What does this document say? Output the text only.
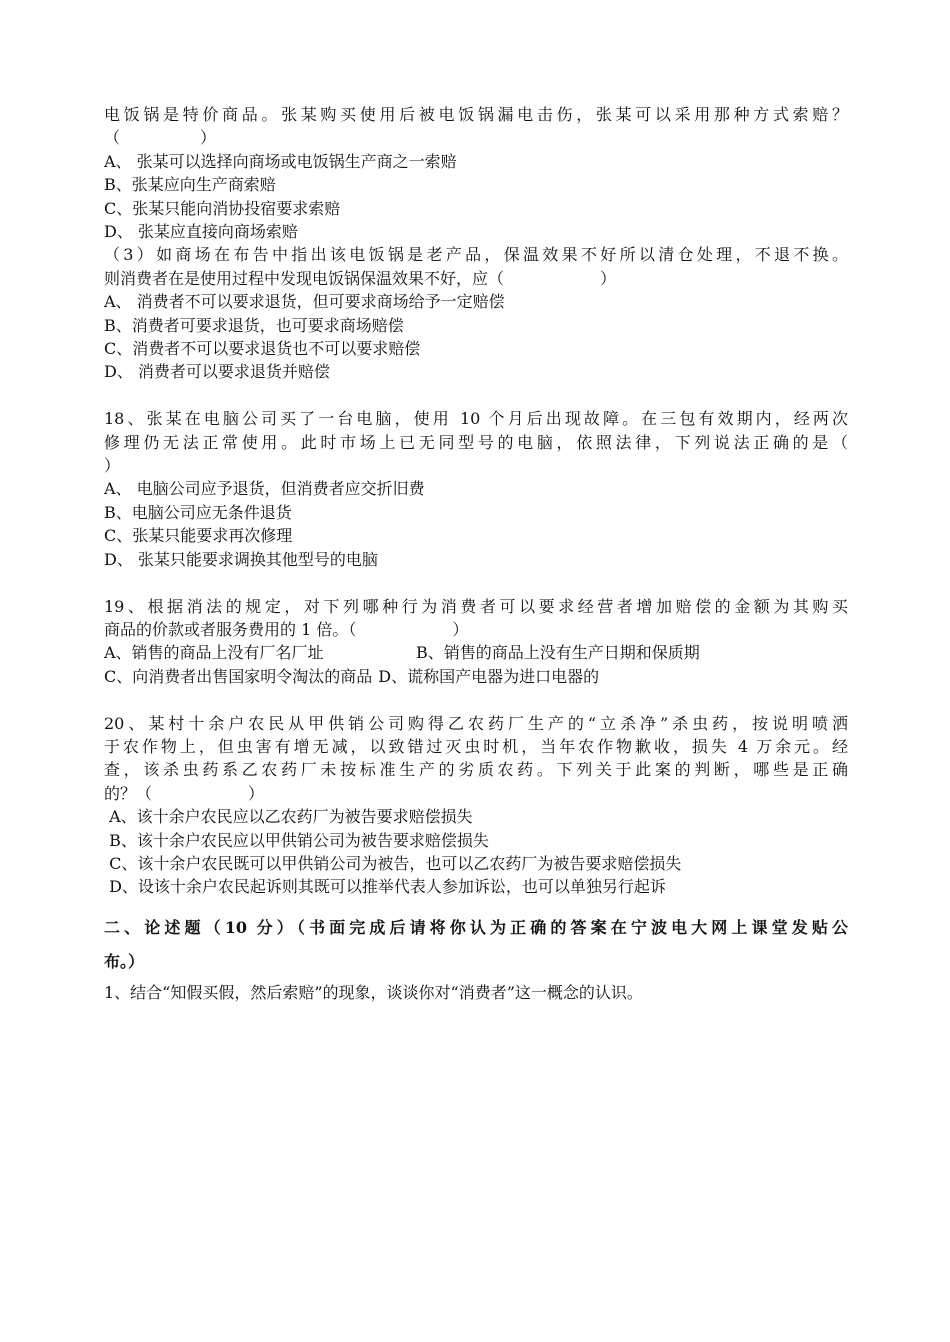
电饭锅是特价商品。张某购买使用后被电饭锅漏电击伤，张某可以采用那种方式索赔？
（　　　　　）
A、 张某可以选择向商场或电饭锅生产商之一索赔
B、张某应向生产商索赔
C、张某只能向消协投宿要求索赔
D、 张某应直接向商场索赔
（3）如商场在布告中指出该电饭锅是老产品，保温效果不好所以清仓处理，不退不换。
则消费者在是使用过程中发现电饭锅保温效果不好，应（　　　　　　）
A、 消费者不可以要求退货，但可要求商场给予一定赔偿
B、消费者可要求退货，也可要求商场赔偿
C、消费者不可以要求退货也不可以要求赔偿
D、 消费者可以要求退货并赔偿
18、张某在电脑公司买了一台电脑，使用 10 个月后出现故障。在三包有效期内，经两次
修理仍无法正常使用。此时市场上已无同型号的电脑，依照法律，下列说法正确的是（
）
A、 电脑公司应予退货，但消费者应交折旧费
B、电脑公司应无条件退货
C、张某只能要求再次修理
D、 张某只能要求调换其他型号的电脑
19、根据消法的规定，对下列哪种行为消费者可以要求经营者增加赔偿的金额为其购买
商品的价款或者服务费用的 1 倍。（　　　　　　）
A、销售的商品上没有厂名厂址	B、销售的商品上没有生产日期和保质期
C、向消费者出售国家明令淘汰的商品 D、谎称国产电器为进口电器的
20、某村十余户农民从甲供销公司购得乙农药厂生产的“立杀净”杀虫药，按说明喷洒
于农作物上，但虫害有增无减，以致错过灭虫时机，当年农作物歉收，损失 4 万余元。经
查，该杀虫药系乙农药厂未按标准生产的劣质农药。下列关于此案的判断，哪些是正确
的？（　　　　　　）
A、该十余户农民应以乙农药厂为被告要求赔偿损失
B、该十余户农民应以甲供销公司为被告要求赔偿损失
C、该十余户农民既可以甲供销公司为被告，也可以乙农药厂为被告要求赔偿损失
D、设该十余户农民起诉则其既可以推举代表人参加诉讼，也可以单独另行起诉
二、论述题（10 分）（书面完成后请将你认为正确的答案在宁波电大网上课堂发贴公
布。）
1、结合“知假买假，然后索赔”的现象，谈谈你对“消费者”这一概念的认识。
